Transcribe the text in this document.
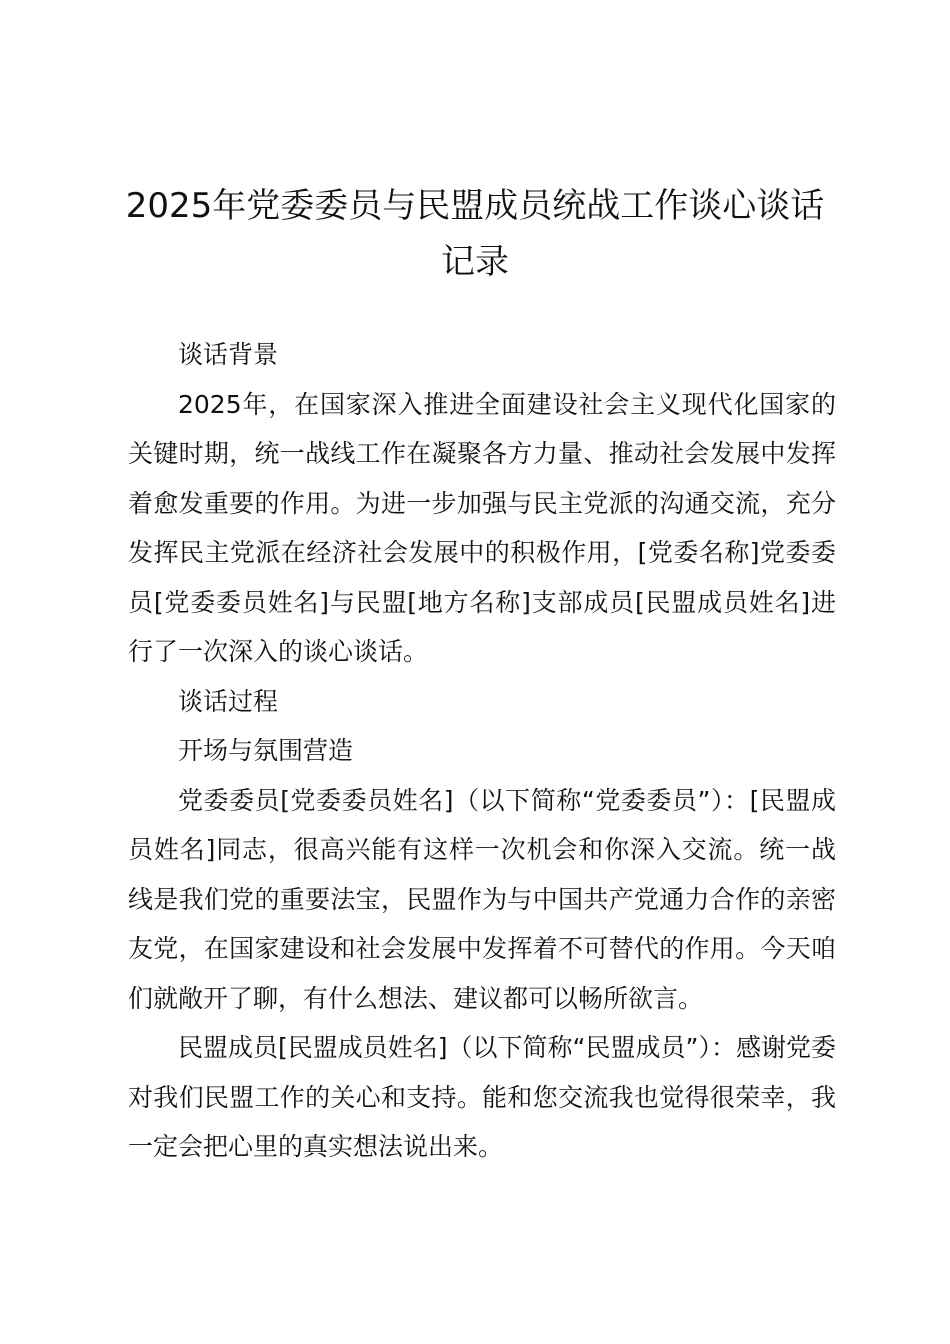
2025年党委委员与民盟成员统战工作谈心谈话记录

谈话背景

2025年，在国家深入推进全面建设社会主义现代化国家的关键时期，统一战线工作在凝聚各方力量、推动社会发展中发挥着愈发重要的作用。为进一步加强与民主党派的沟通交流，充分发挥民主党派在经济社会发展中的积极作用，[党委名称]党委委员[党委委员姓名]与民盟[地方名称]支部成员[民盟成员姓名]进行了一次深入的谈心谈话。

谈话过程

开场与氛围营造

党委委员[党委委员姓名]（以下简称“党委委员”）：[民盟成员姓名]同志，很高兴能有这样一次机会和你深入交流。统一战线是我们党的重要法宝，民盟作为与中国共产党通力合作的亲密友党，在国家建设和社会发展中发挥着不可替代的作用。今天咱们就敞开了聊，有什么想法、建议都可以畅所欲言。

民盟成员[民盟成员姓名]（以下简称“民盟成员”）：感谢党委对我们民盟工作的关心和支持。能和您交流我也觉得很荣幸，我一定会把心里的真实想法说出来。
